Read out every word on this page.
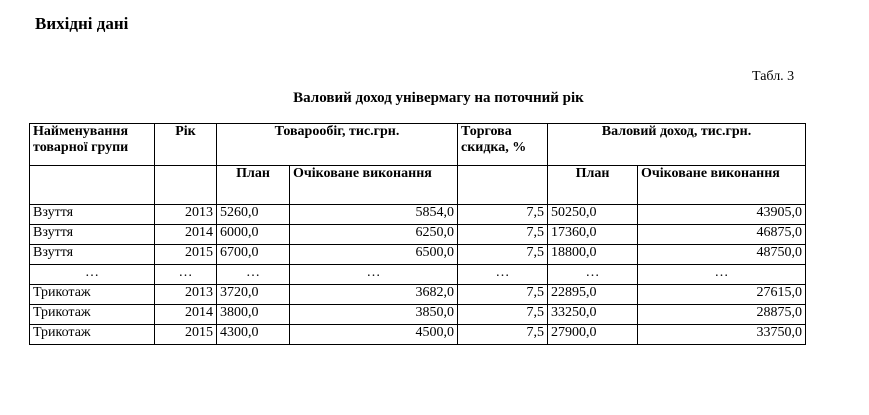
Вихідні дані
Табл. 3
Валовий доход універмагу на поточний рік
Найменування товарної групи	Рік	Товарообіг, тис.грн.		Торгова скидка, %	Валовий доход, тис.грн.	
		План	Очіковане виконання		План	Очіковане виконання
Взуття	2013	5260,0	5854,0	7,5	50250,0	43905,0
Взуття	2014	6000,0	6250,0	7,5	17360,0	46875,0
Взуття	2015	6700,0	6500,0	7,5	18800,0	48750,0
…	…	…	…	…	…	…
Трикотаж	2013	3720,0	3682,0	7,5	22895,0	27615,0
Трикотаж	2014	3800,0	3850,0	7,5	33250,0	28875,0
Трикотаж	2015	4300,0	4500,0	7,5	27900,0	33750,0
